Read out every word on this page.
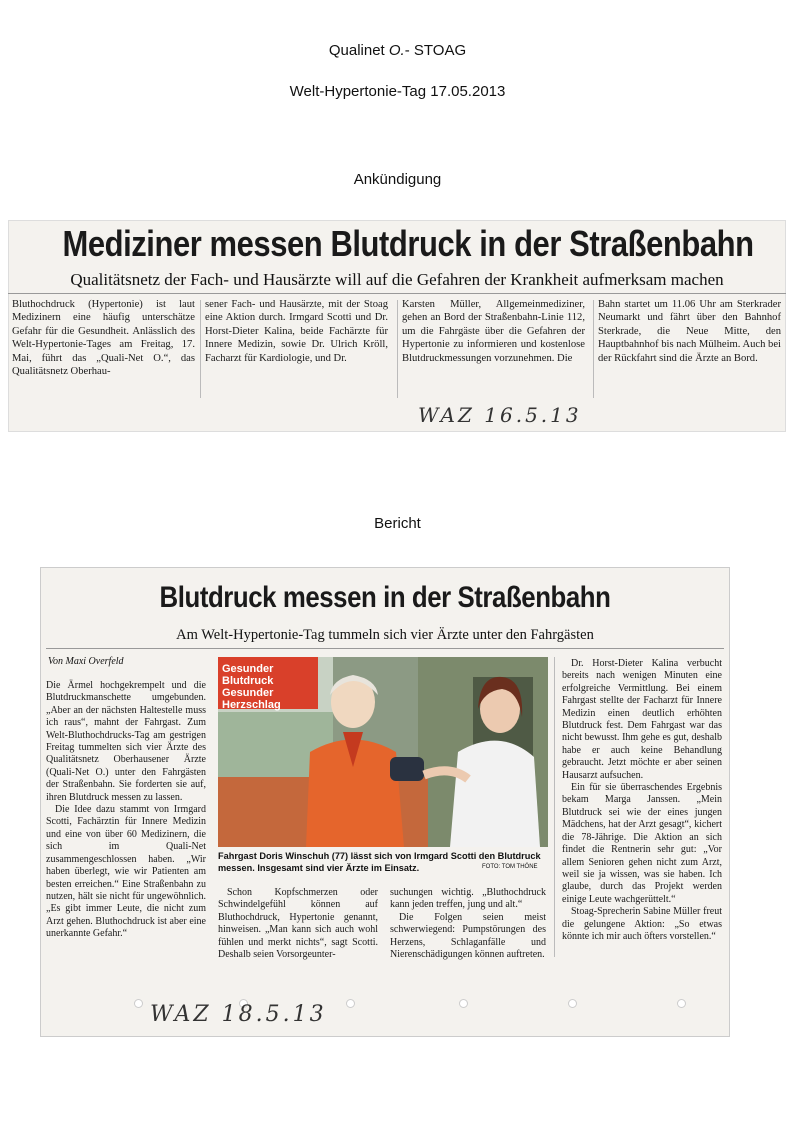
Qualinet O.- STOAG
Welt-Hypertonie-Tag 17.05.2013
Ankündigung
Mediziner messen Blutdruck in der Straßenbahn
Qualitätsnetz der Fach- und Hausärzte will auf die Gefahren der Krankheit aufmerksam machen
Bluthochdruck (Hypertonie) ist laut Medizinern eine häufig unterschätze Gefahr für die Gesundheit. Anlässlich des Welt-Hypertonie-Tages am Freitag, 17. Mai, führt das „Quali-Net O.“, das Qualitätsnetz Oberhau-
sener Fach- und Hausärzte, mit der Stoag eine Aktion durch. Irmgard Scotti und Dr. Horst-Dieter Kalina, beide Fachärzte für Innere Medizin, sowie Dr. Ulrich Kröll, Facharzt für Kardiologie, und Dr.
Karsten Müller, Allgemeinmediziner, gehen an Bord der Straßenbahn-Linie 112, um die Fahrgäste über die Gefahren der Hypertonie zu informieren und kostenlose Blutdruckmessungen vorzunehmen. Die
Bahn startet um 11.06 Uhr am Sterkrader Neumarkt und fährt über den Bahnhof Sterkrade, die Neue Mitte, den Hauptbahnhof bis nach Mülheim. Auch bei der Rückfahrt sind die Ärzte an Bord.
WAZ 16.5.13
Bericht
Blutdruck messen in der Straßenbahn
Am Welt-Hypertonie-Tag tummeln sich vier Ärzte unter den Fahrgästen
Von Maxi Overfeld

Die Ärmel hochgekrempelt und die Blutdruckmanschette umgebunden. „Aber an der nächsten Haltestelle muss ich raus“, mahnt der Fahrgast. Zum Welt-Bluthochdrucks-Tag am gestrigen Freitag tummelten sich vier Ärzte des Qualitätsnetz Oberhausener Ärzte (Quali-Net O.) unter den Fahrgästen der Straßenbahn. Sie forderten sie auf, ihren Blutdruck messen zu lassen.

Die Idee dazu stammt von Irmgard Scotti, Fachärztin für Innere Medizin und eine von über 60 Medizinern, die sich im Quali-Net zusammengeschlossen haben. „Wir haben überlegt, wie wir Patienten am besten erreichen.“ Eine Straßenbahn zu nutzen, hält sie nicht für ungewöhnlich. „Es gibt immer Leute, die nicht zum Arzt gehen. Bluthochdruck ist aber eine unerkannte Gefahr.“

Gesunder Blutdruck Gesunder Herzschlag
Fahrgast Doris Winschuh (77) lässt sich von Irmgard Scotti den Blutdruck messen. Insgesamt sind vier Ärzte im Einsatz.	FOTO: TOM THÖNE

Schon Kopfschmerzen oder Schwindelgefühl können auf Bluthochdruck, Hypertonie genannt, hinweisen. „Man kann sich auch wohl fühlen und merkt nichts“, sagt Scotti. Deshalb seien Vorsorgeunter-

suchungen wichtig. „Bluthochdruck kann jeden treffen, jung und alt.“

Die Folgen seien meist schwerwiegend: Pumpstörungen des Herzens, Schlaganfälle und Nierenschädigungen können auftreten.

Dr. Horst-Dieter Kalina verbucht bereits nach wenigen Minuten eine erfolgreiche Vermittlung. Bei einem Fahrgast stellte der Facharzt für Innere Medizin einen deutlich erhöhten Blutdruck fest. Dem Fahrgast war das nicht bewusst. Ihm gehe es gut, deshalb habe er auch keine Behandlung gebraucht. Jetzt möchte er aber seinen Hausarzt aufsuchen.

Ein für sie überraschendes Ergebnis bekam Marga Janssen. „Mein Blutdruck sei wie der eines jungen Mädchens, hat der Arzt gesagt“, kichert die 78-Jährige. Die Aktion an sich findet die Rentnerin sehr gut: „Vor allem Senioren gehen nicht zum Arzt, weil sie ja wissen, was sie haben. Ich glaube, durch das Projekt werden einige Leute wachgerüttelt.“

Stoag-Sprecherin Sabine Müller freut die gelungene Aktion: „So etwas könnte ich mir auch öfters vorstellen.“

WAZ 18.5.13
